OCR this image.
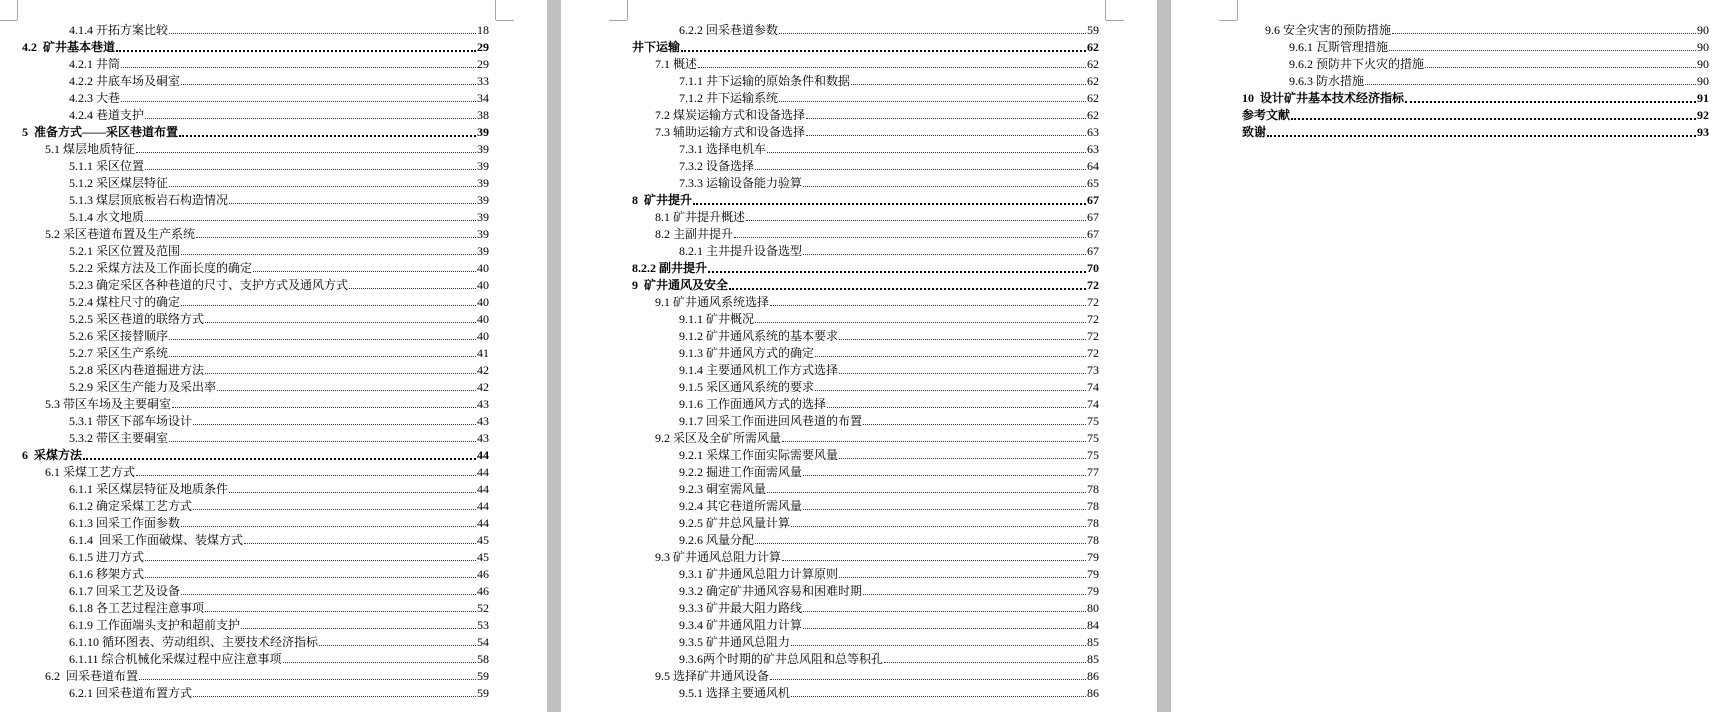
4.1.4 开拓方案比较	18
4.2  矿井基本巷道	29
4.2.1 井筒	29
4.2.2 井底车场及硐室	33
4.2.3 大巷	34
4.2.4 巷道支护	38
5  准备方式——采区巷道布置	39
5.1 煤层地质特征	39
5.1.1 采区位置	39
5.1.2 采区煤层特征	39
5.1.3 煤层顶底板岩石构造情况	39
5.1.4 水文地质	39
5.2 采区巷道布置及生产系统	39
5.2.1 采区位置及范围	39
5.2.2 采煤方法及工作面长度的确定	40
5.2.3 确定采区各种巷道的尺寸、支护方式及通风方式	40
5.2.4 煤柱尺寸的确定	40
5.2.5 采区巷道的联络方式	40
5.2.6 采区接替顺序	40
5.2.7 采区生产系统	41
5.2.8 采区内巷道掘进方法	42
5.2.9 采区生产能力及采出率	42
5.3 带区车场及主要硐室	43
5.3.1 带区下部车场设计	43
5.3.2 带区主要硐室	43
6  采煤方法	44
6.1 采煤工艺方式	44
6.1.1 采区煤层特征及地质条件	44
6.1.2 确定采煤工艺方式	44
6.1.3 回采工作面参数	44
6.1.4  回采工作面破煤、装煤方式	45
6.1.5 进刀方式	45
6.1.6 移架方式	46
6.1.7 回采工艺及设备	46
6.1.8 各工艺过程注意事项	52
6.1.9 工作面端头支护和超前支护	53
6.1.10 循环图表、劳动组织、主要技术经济指标	54
6.1.11 综合机械化采煤过程中应注意事项	58
6.2  回采巷道布置	59
6.2.1 回采巷道布置方式	59
6.2.2 回采巷道参数	59
井下运输	62
7.1 概述	62
7.1.1 井下运输的原始条件和数据	62
7.1.2 井下运输系统	62
7.2 煤炭运输方式和设备选择	62
7.3 辅助运输方式和设备选择	63
7.3.1 选择电机车	63
7.3.2 设备选择	64
7.3.3 运输设备能力验算	65
8  矿井提升	67
8.1 矿井提升概述	67
8.2 主副井提升	67
8.2.1 主井提升设备选型	67
8.2.2 副井提升	70
9  矿井通风及安全	72
9.1 矿井通风系统选择	72
9.1.1 矿井概况	72
9.1.2 矿井通风系统的基本要求	72
9.1.3 矿井通风方式的确定	72
9.1.4 主要通风机工作方式选择	73
9.1.5 采区通风系统的要求	74
9.1.6 工作面通风方式的选择	74
9.1.7 回采工作面进回风巷道的布置	75
9.2 采区及全矿所需风量	75
9.2.1 采煤工作面实际需要风量	75
9.2.2 掘进工作面需风量	77
9.2.3 硐室需风量	78
9.2.4 其它巷道所需风量	78
9.2.5 矿井总风量计算	78
9.2.6 风量分配	78
9.3 矿井通风总阻力计算	79
9.3.1 矿井通风总阻力计算原则	79
9.3.2 确定矿井通风容易和困难时期	79
9.3.3 矿井最大阻力路线	80
9.3.4 矿井通风阻力计算	84
9.3.5 矿井通风总阻力	85
9.3.6两个时期的矿井总风阻和总等积孔	85
9.5 选择矿井通风设备	86
9.5.1 选择主要通风机	86
9.6 安全灾害的预防措施	90
9.6.1 瓦斯管理措施	90
9.6.2 预防井下火灾的措施	90
9.6.3 防水措施	90
10  设计矿井基本技术经济指标	91
参考文献	92
致谢	93
